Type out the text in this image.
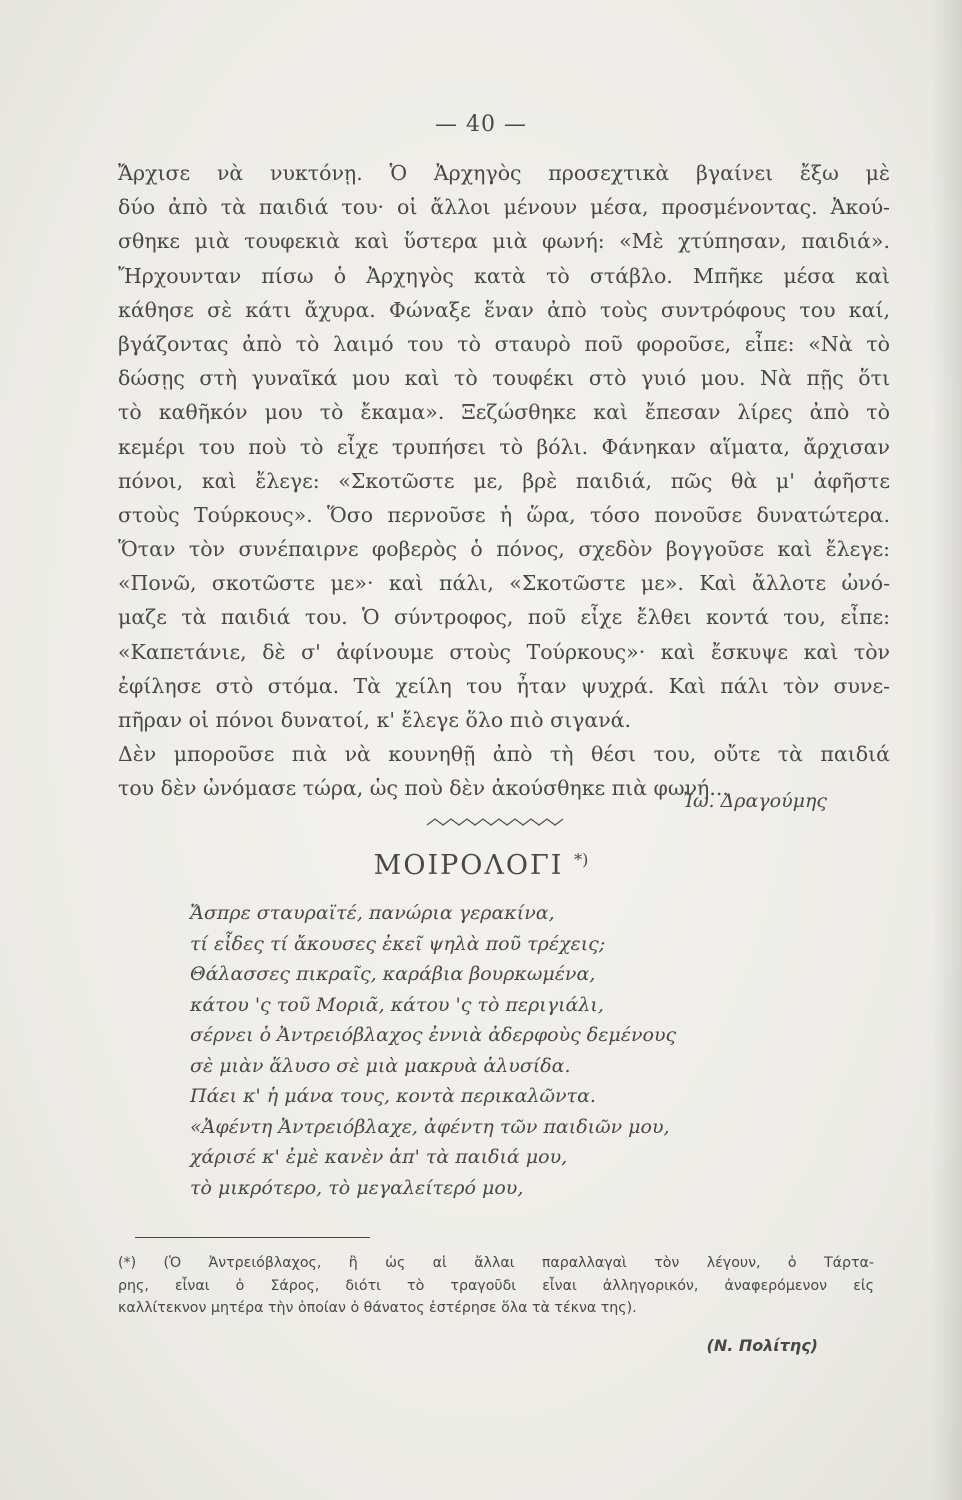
— 40 —
Ἄρχισε νὰ νυκτόνῃ. Ὁ Ἀρχηγὸς προσεχτικὰ βγαίνει ἔξω μὲ
δύο ἀπὸ τὰ παιδιά του· οἱ ἄλλοι μένουν μέσα, προσμένοντας. Ἀκού-
σθηκε μιὰ τουφεκιὰ καὶ ὕστερα μιὰ φωνή: «Μὲ χτύπησαν, παιδιά».
Ἤρχουνταν πίσω ὁ Ἀρχηγὸς κατὰ τὸ στάβλο. Μπῆκε μέσα καὶ
κάθησε σὲ κάτι ἄχυρα. Φώναξε ἕναν ἀπὸ τοὺς συντρόφους του καί,
βγάζοντας ἀπὸ τὸ λαιμό του τὸ σταυρὸ ποῦ φοροῦσε, εἶπε: «Νὰ τὸ
δώσῃς στὴ γυναῖκά μου καὶ τὸ τουφέκι στὸ γυιό μου. Νὰ πῇς ὅτι
τὸ καθῆκόν μου τὸ ἔκαμα». Ξεζώσθηκε καὶ ἔπεσαν λίρες ἀπὸ τὸ
κεμέρι του ποὺ τὸ εἶχε τρυπήσει τὸ βόλι. Φάνηκαν αἵματα, ἄρχισαν
πόνοι, καὶ ἔλεγε: «Σκοτῶστε με, βρὲ παιδιά, πῶς θὰ μ' ἀφῆστε
στοὺς Τούρκους». Ὅσο περνοῦσε ἡ ὥρα, τόσο πονοῦσε δυνατώτερα.
Ὅταν τὸν συνέπαιρνε φοβερὸς ὁ πόνος, σχεδὸν βογγοῦσε καὶ ἔλεγε:
«Πονῶ, σκοτῶστε με»· καὶ πάλι, «Σκοτῶστε με». Καὶ ἄλλοτε ὠνό-
μαζε τὰ παιδιά του. Ὁ σύντροφος, ποῦ εἶχε ἔλθει κοντά του, εἶπε:
«Καπετάνιε, δὲ σ' ἀφίνουμε στοὺς Τούρκους»· καὶ ἔσκυψε καὶ τὸν
ἐφίλησε στὸ στόμα. Τὰ χείλη του ἦταν ψυχρά. Καὶ πάλι τὸν συνε-
πῆραν οἱ πόνοι δυνατοί, κ' ἔλεγε ὅλο πιὸ σιγανά.
Δὲν μποροῦσε πιὰ νὰ κουνηθῇ ἀπὸ τὴ θέσι του, οὔτε τὰ παιδιά
του δὲν ὠνόμασε τώρα, ὡς ποὺ δὲν ἀκούσθηκε πιὰ φωνή...
Ἰω. Δραγούμης
ΜΟΙΡΟΛΟΓΙ *)
Ἄσπρε σταυραϊτέ, πανώρια γερακίνα,
τί εἶδες τί ἄκουσες ἐκεῖ ψηλὰ ποῦ τρέχεις;
Θάλασσες πικραῖς, καράβια βουρκωμένα,
κάτου 'ς τοῦ Μοριᾶ, κάτου 'ς τὸ περιγιάλι,
σέρνει ὁ Ἀντρειόβλαχος ἐννιὰ ἀδερφοὺς δεμένους
σὲ μιὰν ἅλυσο σὲ μιὰ μακρυὰ ἁλυσίδα.
Πάει κ' ἡ μάνα τους, κοντὰ περικαλῶντα.
«Ἀφέντη Ἀντρειόβλαχε, ἀφέντη τῶν παιδιῶν μου,
χάρισέ κ' ἐμὲ κανὲν ἀπ' τὰ παιδιά μου,
τὸ μικρότερο, τὸ μεγαλείτερό μου,
(*) (Ὁ Ἀντρειόβλαχος, ἢ ὡς αἱ ἄλλαι παραλλαγαὶ τὸν λέγουν, ὁ Τάρτα-
ρης, εἶναι ὁ Σάρος, διότι τὸ τραγοῦδι εἶναι ἀλληγορικόν, ἀναφερόμενον εἰς
καλλίτεκνον μητέρα τὴν ὁποίαν ὁ θάνατος ἐστέρησε ὅλα τὰ τέκνα της).
(Ν. Πολίτης)
